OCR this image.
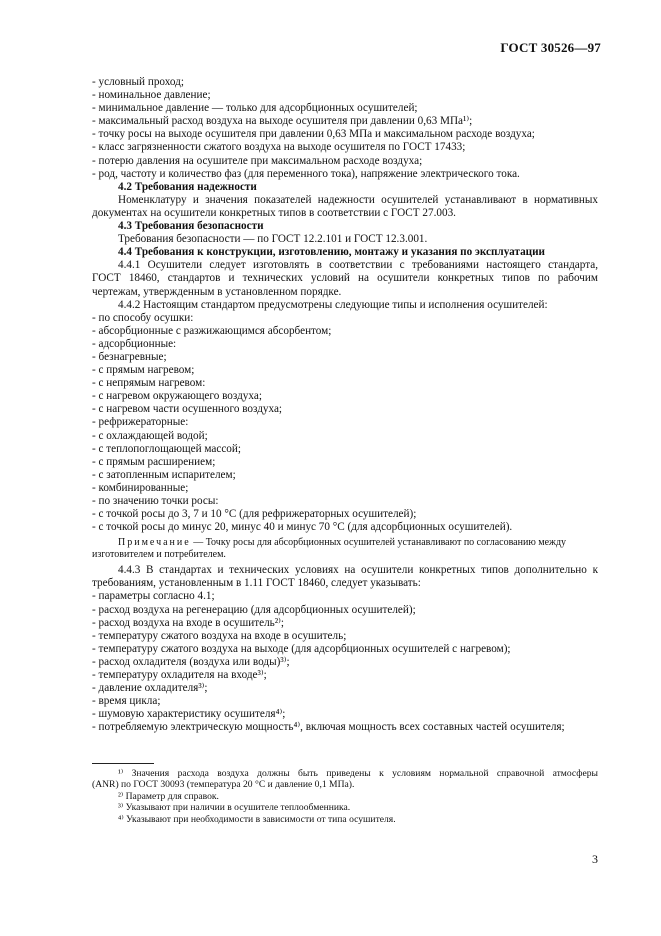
ГОСТ 30526—97
- условный проход;
- номинальное давление;
- минимальное давление — только для адсорбционных осушителей;
- максимальный расход воздуха на выходе осушителя при давлении 0,63 МПа¹⁾;
- точку росы на выходе осушителя при давлении 0,63 МПа и максимальном расходе воздуха;
- класс загрязненности сжатого воздуха на выходе осушителя по ГОСТ 17433;
- потерю давления на осушителе при максимальном расходе воздуха;
- род, частоту и количество фаз (для переменного тока), напряжение электрического тока.
4.2 Требования надежности
Номенклатуру и значения показателей надежности осушителей устанавливают в нормативных
документах на осушители конкретных типов в соответствии с ГОСТ 27.003.
4.3 Требования безопасности
Требования безопасности — по ГОСТ 12.2.101 и ГОСТ 12.3.001.
4.4 Требования к конструкции, изготовлению, монтажу и указания по эксплуатации
4.4.1 Осушители следует изготовлять в соответствии с требованиями настоящего стандарта,
ГОСТ 18460, стандартов и технических условий на осушители конкретных типов по рабочим
чертежам, утвержденным в установленном порядке.
4.4.2 Настоящим стандартом предусмотрены следующие типы и исполнения осушителей:
- по способу осушки:
- абсорбционные с разжижающимся абсорбентом;
- адсорбционные:
- безнагревные;
- с прямым нагревом;
- с непрямым нагревом:
- с нагревом окружающего воздуха;
- с нагревом части осушенного воздуха;
- рефрижераторные:
- с охлаждающей водой;
- с теплопоглощающей массой;
- с прямым расширением;
- с затопленным испарителем;
- комбинированные;
- по значению точки росы:
- с точкой росы до 3, 7 и 10 °С (для рефрижераторных осушителей);
- с точкой росы до минус 20, минус 40 и минус 70 °С (для адсорбционных осушителей).
Примечание — Точку росы для абсорбционных осушителей устанавливают по согласованию между
изготовителем и потребителем.
4.4.3 В стандартах и технических условиях на осушители конкретных типов дополнительно к
требованиям, установленным в 1.11 ГОСТ 18460, следует указывать:
- параметры согласно 4.1;
- расход воздуха на регенерацию (для адсорбционных осушителей);
- расход воздуха на входе в осушитель²⁾;
- температуру сжатого воздуха на входе в осушитель;
- температуру сжатого воздуха на выходе (для адсорбционных осушителей с нагревом);
- расход охладителя (воздуха или воды)³⁾;
- температуру охладителя на входе³⁾;
- давление охладителя³⁾;
- время цикла;
- шумовую характеристику осушителя⁴⁾;
- потребляемую электрическую мощность⁴⁾, включая мощность всех составных частей осушителя;
¹⁾ Значения расхода воздуха должны быть приведены к условиям нормальной справочной атмосферы
(ANR) по ГОСТ 30093 (температура 20 °С и давление 0,1 МПа).
²⁾ Параметр для справок.
³⁾ Указывают при наличии в осушителе теплообменника.
⁴⁾ Указывают при необходимости в зависимости от типа осушителя.
3
